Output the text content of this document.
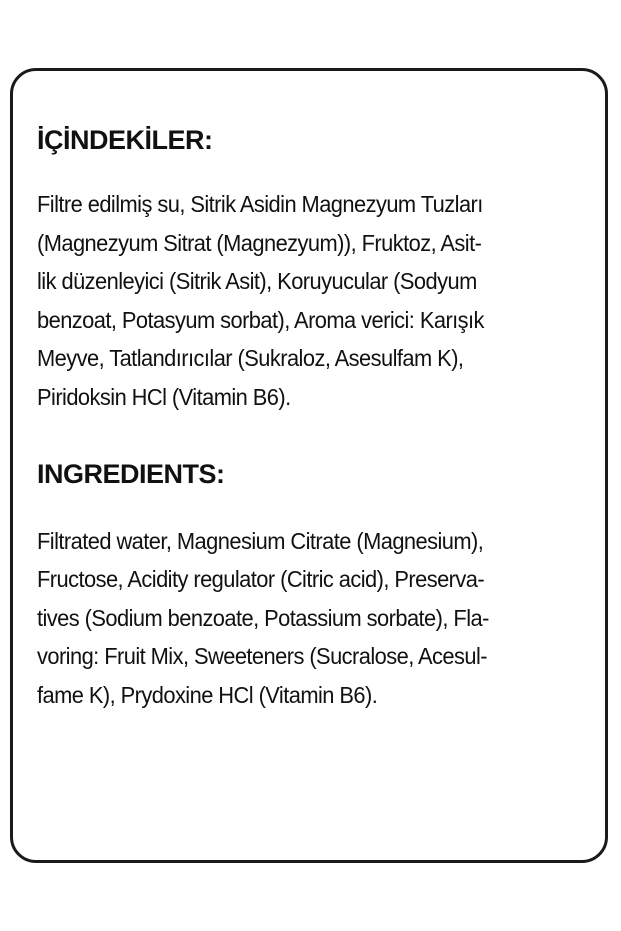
İÇİNDEKİLER:
Filtre edilmiş su, Sitrik Asidin Magnezyum Tuzları
(Magnezyum Sitrat (Magnezyum)), Fruktoz, Asit-
lik düzenleyici (Sitrik Asit), Koruyucular (Sodyum
benzoat, Potasyum sorbat), Aroma verici: Karışık
Meyve, Tatlandırıcılar (Sukraloz, Asesulfam K),
Piridoksin HCl (Vitamin B6).
INGREDIENTS:
Filtrated water, Magnesium Citrate (Magnesium),
Fructose, Acidity regulator (Citric acid), Preserva-
tives (Sodium benzoate, Potassium sorbate), Fla-
voring: Fruit Mix, Sweeteners (Sucralose, Acesul-
fame K), Prydoxine HCl (Vitamin B6).
